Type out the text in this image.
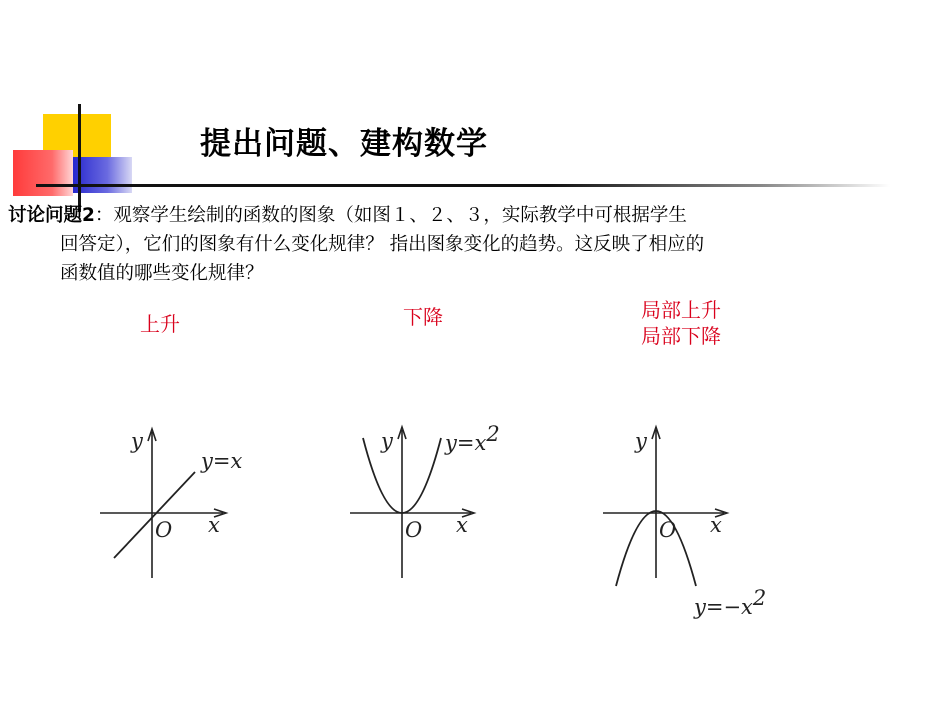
提出问题、建构数学
讨论问题2：观察学生绘制的函数的图象（如图１、２、３，实际教学中可根据学生
回答定），它们的图象有什么变化规律？ 指出图象变化的趋势。这反映了相应的
函数值的哪些变化规律？
上升	下降	局部上升
局部下降
y
x
O
y=x
y
x
O
y=x2	y
x
O
y=−x2
